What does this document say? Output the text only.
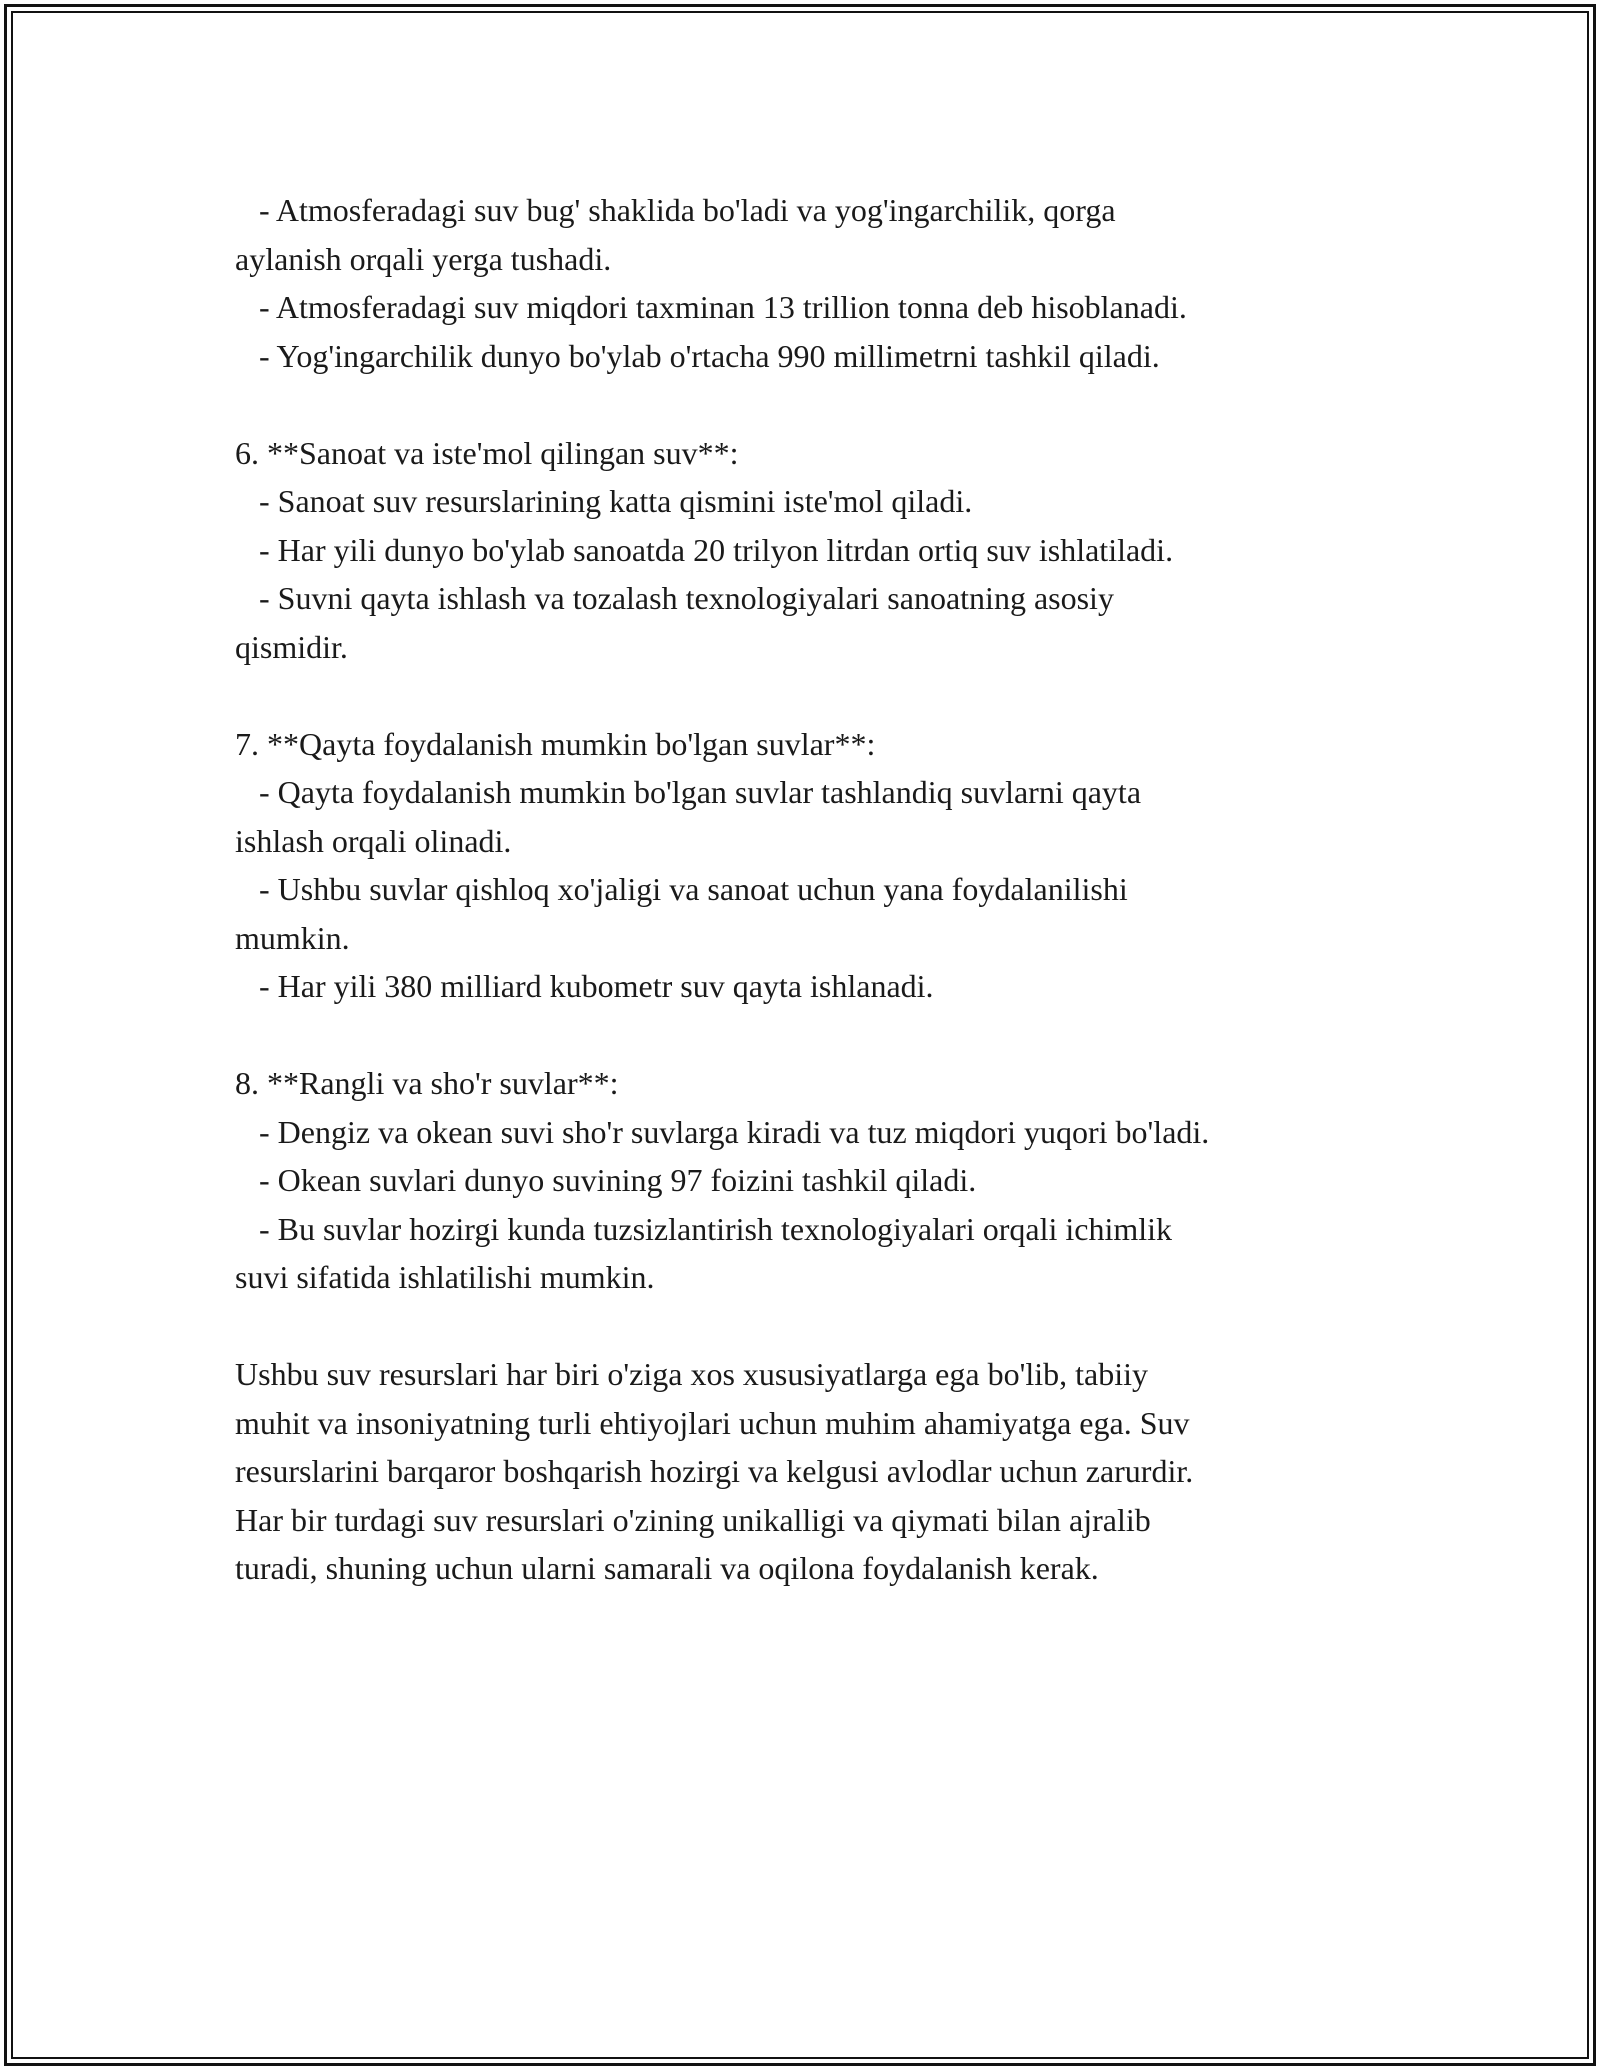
- Atmosferadagi suv bug' shaklida bo'ladi va yog'ingarchilik, qorga
aylanish orqali yerga tushadi.
- Atmosferadagi suv miqdori taxminan 13 trillion tonna deb hisoblanadi.
- Yog'ingarchilik dunyo bo'ylab o'rtacha 990 millimetrni tashkil qiladi.
6. **Sanoat va iste'mol qilingan suv**:
- Sanoat suv resurslarining katta qismini iste'mol qiladi.
- Har yili dunyo bo'ylab sanoatda 20 trilyon litrdan ortiq suv ishlatiladi.
- Suvni qayta ishlash va tozalash texnologiyalari sanoatning asosiy
qismidir.
7. **Qayta foydalanish mumkin bo'lgan suvlar**:
- Qayta foydalanish mumkin bo'lgan suvlar tashlandiq suvlarni qayta
ishlash orqali olinadi.
- Ushbu suvlar qishloq xo'jaligi va sanoat uchun yana foydalanilishi
mumkin.
- Har yili 380 milliard kubometr suv qayta ishlanadi.
8. **Rangli va sho'r suvlar**:
- Dengiz va okean suvi sho'r suvlarga kiradi va tuz miqdori yuqori bo'ladi.
- Okean suvlari dunyo suvining 97 foizini tashkil qiladi.
- Bu suvlar hozirgi kunda tuzsizlantirish texnologiyalari orqali ichimlik
suvi sifatida ishlatilishi mumkin.
Ushbu suv resurslari har biri o'ziga xos xususiyatlarga ega bo'lib, tabiiy
muhit va insoniyatning turli ehtiyojlari uchun muhim ahamiyatga ega. Suv
resurslarini barqaror boshqarish hozirgi va kelgusi avlodlar uchun zarurdir.
Har bir turdagi suv resurslari o'zining unikalligi va qiymati bilan ajralib
turadi, shuning uchun ularni samarali va oqilona foydalanish kerak.
